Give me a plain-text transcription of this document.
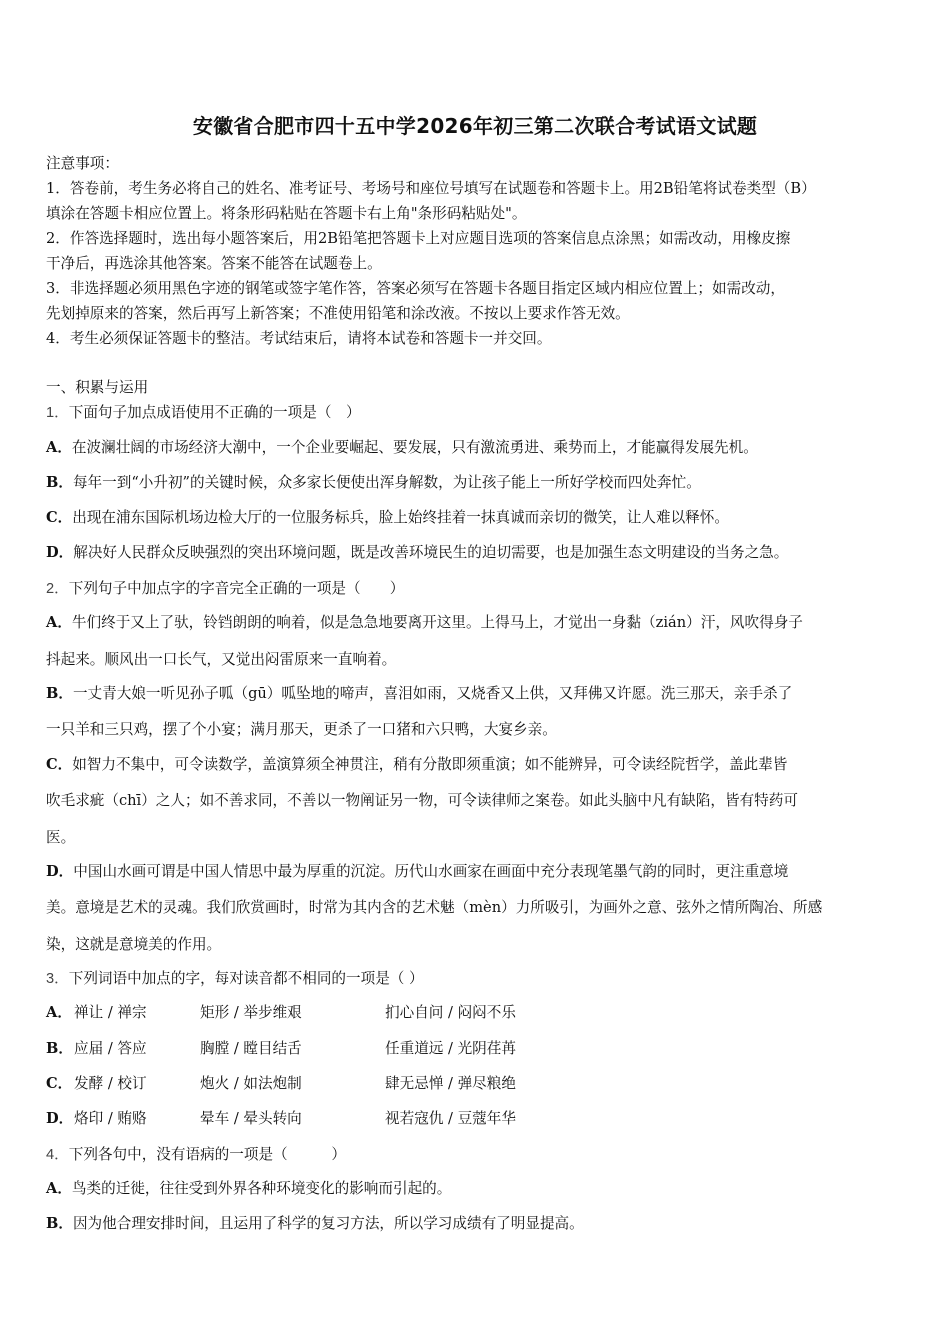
安徽省合肥市四十五中学2026年初三第二次联合考试语文试题
注意事项：
1．答卷前，考生务必将自己的姓名、准考证号、考场号和座位号填写在试题卷和答题卡上。用2B铅笔将试卷类型（B）
填涂在答题卡相应位置上。将条形码粘贴在答题卡右上角"条形码粘贴处"。
2．作答选择题时，选出每小题答案后，用2B铅笔把答题卡上对应题目选项的答案信息点涂黑；如需改动，用橡皮擦
干净后，再选涂其他答案。答案不能答在试题卷上。
3．非选择题必须用黑色字迹的钢笔或签字笔作答，答案必须写在答题卡各题目指定区域内相应位置上；如需改动，
先划掉原来的答案，然后再写上新答案；不准使用铅笔和涂改液。不按以上要求作答无效。
4．考生必须保证答题卡的整洁。考试结束后，请将本试卷和答题卡一并交回。
一、积累与运用
1．下面句子加点成语使用不正确的一项是（　）
A．在波澜壮阔的市场经济大潮中，一个企业要崛起、要发展，只有激流勇进、乘势而上，才能赢得发展先机。
B．每年一到“小升初”的关键时候，众多家长便使出浑身解数，为让孩子能上一所好学校而四处奔忙。
C．出现在浦东国际机场边检大厅的一位服务标兵，脸上始终挂着一抹真诚而亲切的微笑，让人难以释怀。
D．解决好人民群众反映强烈的突出环境问题，既是改善环境民生的迫切需要，也是加强生态文明建设的当务之急。
2．下列句子中加点字的字音完全正确的一项是（　　）
A．牛们终于又上了驮，铃铛朗朗的响着，似是急急地要离开这里。上得马上，才觉出一身黏（zián）汗，风吹得身子
抖起来。顺风出一口长气，又觉出闷雷原来一直响着。
B．一丈青大娘一听见孙子呱（gū）呱坠地的啼声，喜泪如雨，又烧香又上供，又拜佛又许愿。洗三那天，亲手杀了
一只羊和三只鸡，摆了个小宴；满月那天，更杀了一口猪和六只鸭，大宴乡亲。
C．如智力不集中，可令读数学，盖演算须全神贯注，稍有分散即须重演；如不能辨异，可令读经院哲学，盖此辈皆
吹毛求疵（chī）之人；如不善求同，不善以一物阐证另一物，可令读律师之案卷。如此头脑中凡有缺陷，皆有特药可
医。
D．中国山水画可谓是中国人情思中最为厚重的沉淀。历代山水画家在画面中充分表现笔墨气韵的同时，更注重意境
美。意境是艺术的灵魂。我们欣赏画时，时常为其内含的艺术魅（mèn）力所吸引，为画外之意、弦外之情所陶冶、所感
染，这就是意境美的作用。
3．下列词语中加点的字，每对读音都不相同的一项是（ ）
A． 禅让 / 禅宗	矩形 / 举步维艰	扪心自问 / 闷闷不乐
B． 应届 / 答应	胸膛 / 瞠目结舌	任重道远 / 光阴荏苒
C． 发酵 / 校订	炮火 / 如法炮制	肆无忌惮 / 弹尽粮绝
D． 烙印 / 贿赂	晕车 / 晕头转向	视若寇仇 / 豆蔻年华
4．下列各句中，没有语病的一项是（　　　）
A．鸟类的迁徙，往往受到外界各种环境变化的影响而引起的。
B．因为他合理安排时间，且运用了科学的复习方法，所以学习成绩有了明显提高。
